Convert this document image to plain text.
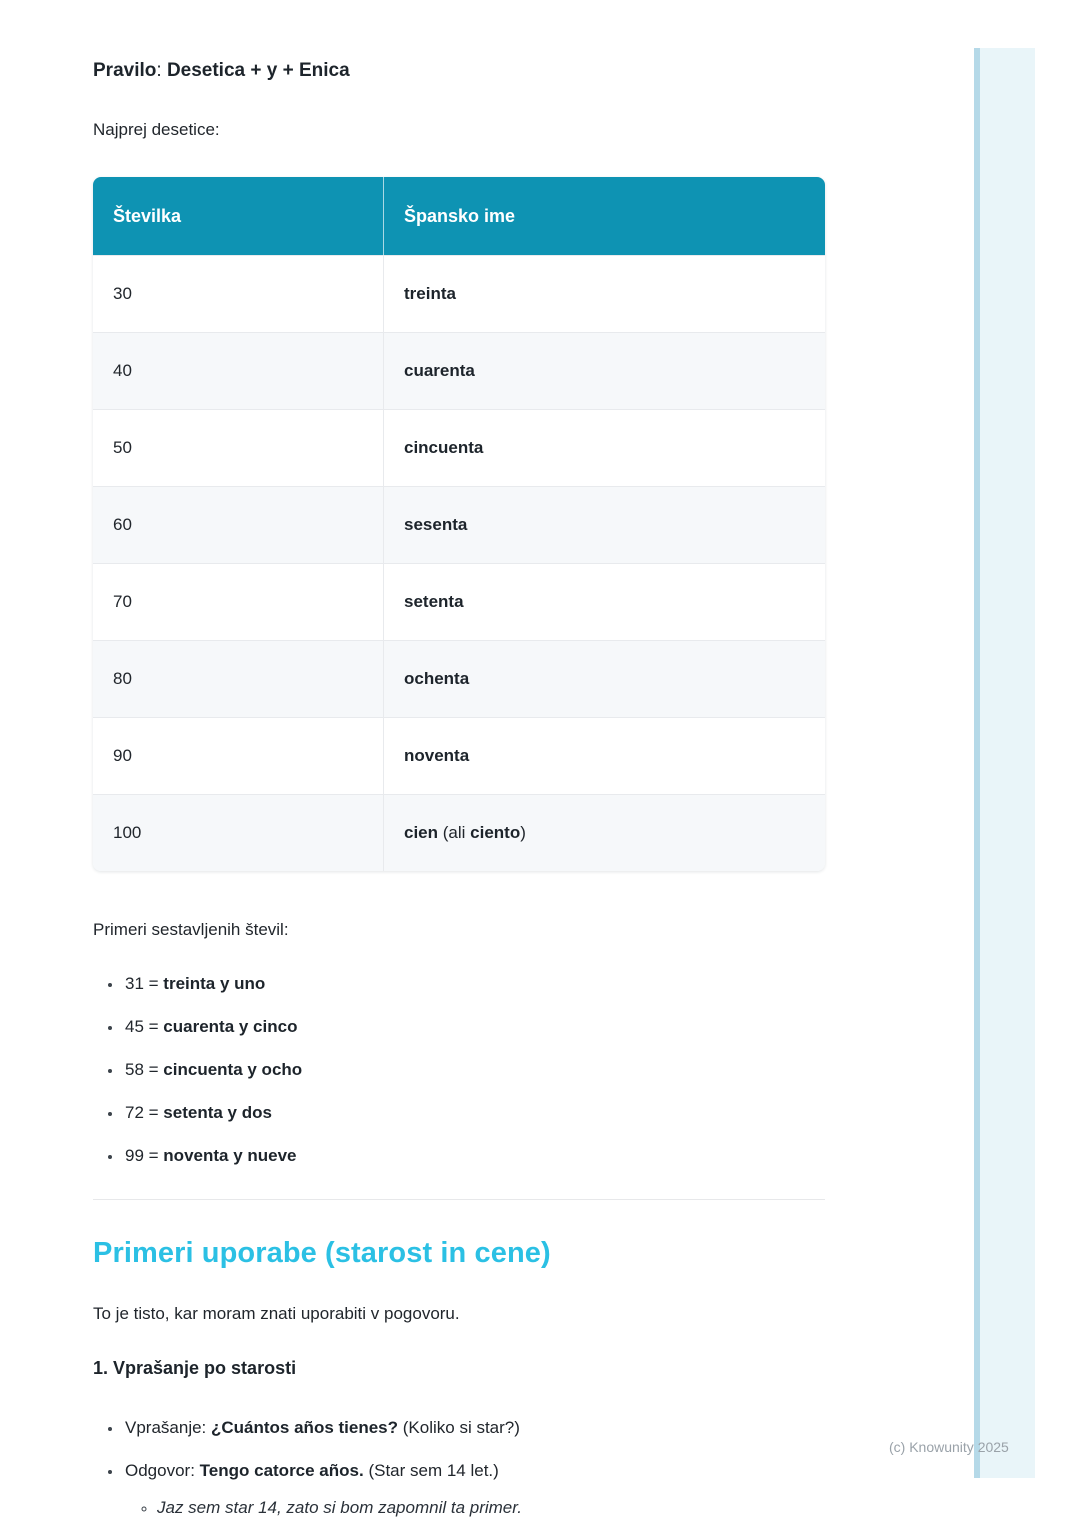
(c) Knowunity 2025
Pravilo: Desetica + y + Enica

Najprej desetice:

Številka	Špansko ime
30	treinta
40	cuarenta
50	cincuenta
60	sesenta
70	setenta
80	ochenta
90	noventa
100	cien (ali ciento)

Primeri sestavljenih števil:

• 31 = treinta y uno
• 45 = cuarenta y cinco
• 58 = cincuenta y ocho
• 72 = setenta y dos
• 99 = noventa y nueve
Primeri uporabe (starost in cene)

To je tisto, kar moram znati uporabiti v pogovoru.

1. Vprašanje po starosti
• Vprašanje: ¿Cuántos años tienes? (Koliko si star?)
• Odgovor: Tengo catorce años. (Star sem 14 let.)
◦ Jaz sem star 14, zato si bom zapomnil ta primer.
